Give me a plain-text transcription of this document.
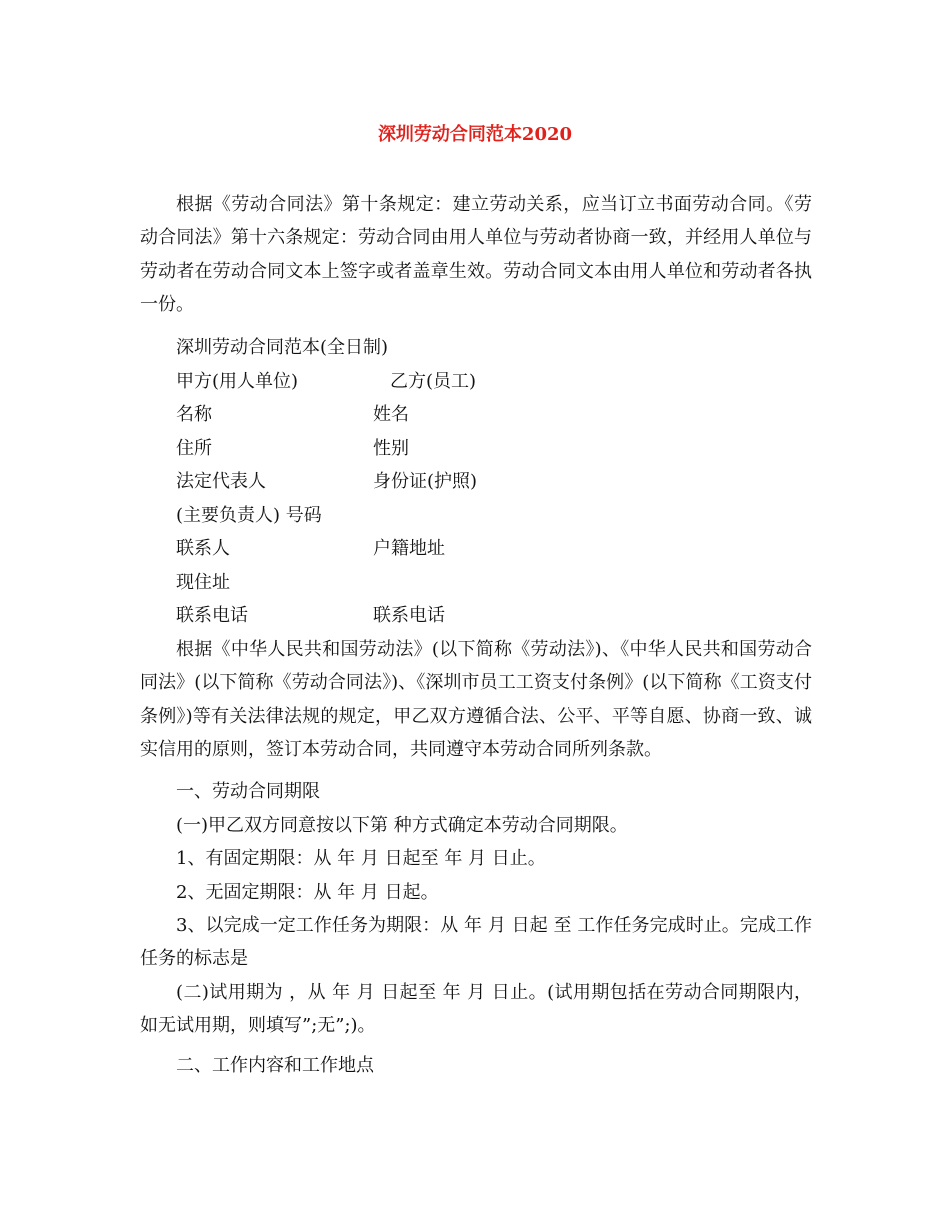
深圳劳动合同范本2020

根据《劳动合同法》第十条规定：建立劳动关系，应当订立书面劳动合同。《劳动合同法》第十六条规定：劳动合同由用人单位与劳动者协商一致，并经用人单位与劳动者在劳动合同文本上签字或者盖章生效。劳动合同文本由用人单位和劳动者各执一份。

深圳劳动合同范本(全日制)
甲方(用人单位)	乙方(员工)
名称	姓名
住所	性别
法定代表人	身份证(护照)
(主要负责人) 号码
联系人	户籍地址
现住址
联系电话	联系电话

根据《中华人民共和国劳动法》(以下简称《劳动法》)、《中华人民共和国劳动合同法》(以下简称《劳动合同法》)、《深圳市员工工资支付条例》(以下简称《工资支付条例》)等有关法律法规的规定，甲乙双方遵循合法、公平、平等自愿、协商一致、诚实信用的原则，签订本劳动合同，共同遵守本劳动合同所列条款。

一、劳动合同期限
(一)甲乙双方同意按以下第 种方式确定本劳动合同期限。
1、有固定期限：从 年 月 日起至 年 月 日止。
2、无固定期限：从 年 月 日起。

3、以完成一定工作任务为期限：从 年 月 日起 至 工作任务完成时止。完成工作任务的标志是

(二)试用期为 ，从 年 月 日起至 年 月 日止。(试用期包括在劳动合同期限内，如无试用期，则填写”;无”;)。

二、工作内容和工作地点
